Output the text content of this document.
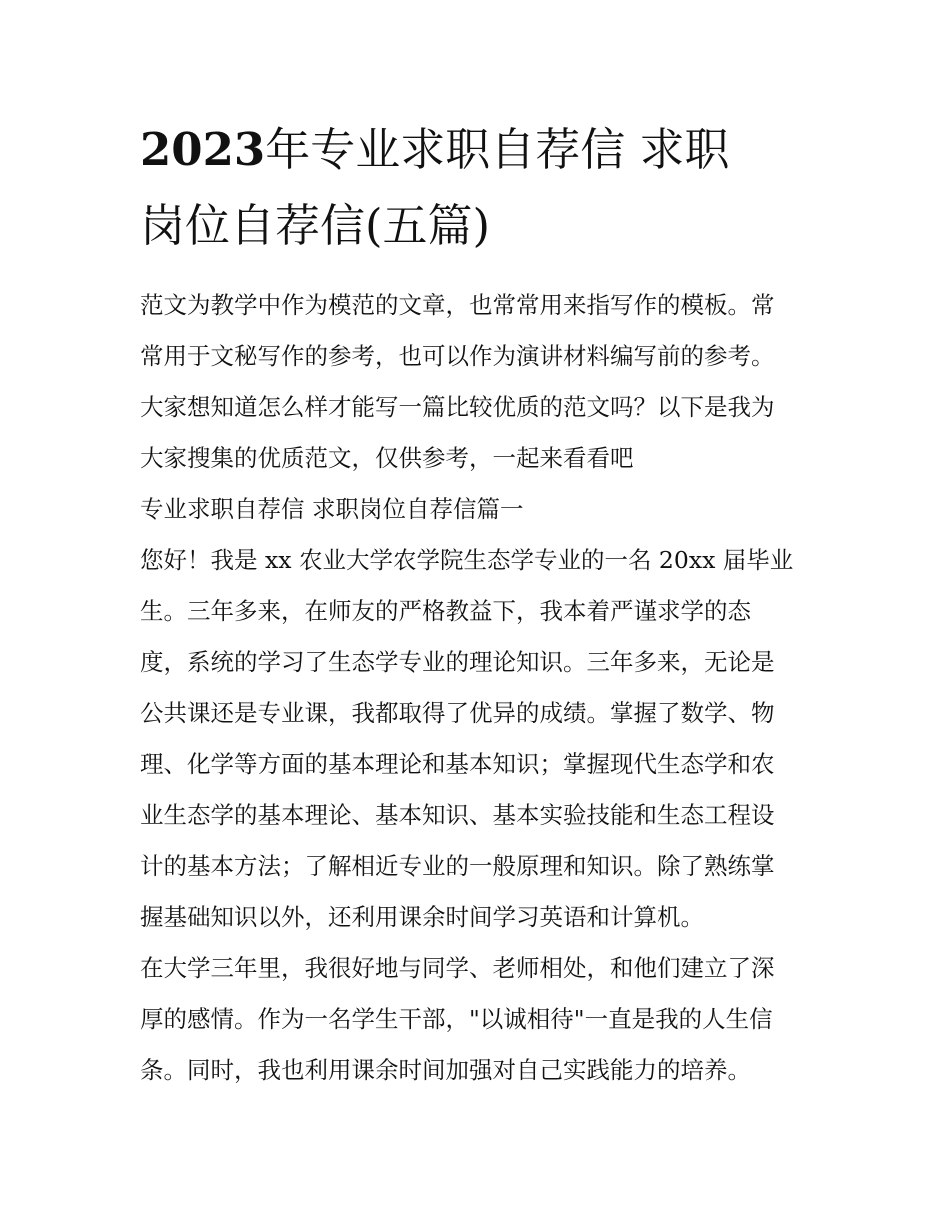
2023年专业求职自荐信 求职
岗位自荐信(五篇)

范文为教学中作为模范的文章，也常常用来指写作的模板。常
常用于文秘写作的参考，也可以作为演讲材料编写前的参考。
大家想知道怎么样才能写一篇比较优质的范文吗？以下是我为
大家搜集的优质范文，仅供参考，一起来看看吧

专业求职自荐信 求职岗位自荐信篇一

您好！我是 xx 农业大学农学院生态学专业的一名 20xx 届毕业
生。三年多来，在师友的严格教益下，我本着严谨求学的态
度，系统的学习了生态学专业的理论知识。三年多来，无论是
公共课还是专业课，我都取得了优异的成绩。掌握了数学、物
理、化学等方面的基本理论和基本知识；掌握现代生态学和农
业生态学的基本理论、基本知识、基本实验技能和生态工程设
计的基本方法；了解相近专业的一般原理和知识。除了熟练掌
握基础知识以外，还利用课余时间学习英语和计算机。

在大学三年里，我很好地与同学、老师相处，和他们建立了深
厚的感情。作为一名学生干部，"以诚相待"一直是我的人生信
条。同时，我也利用课余时间加强对自己实践能力的培养。
